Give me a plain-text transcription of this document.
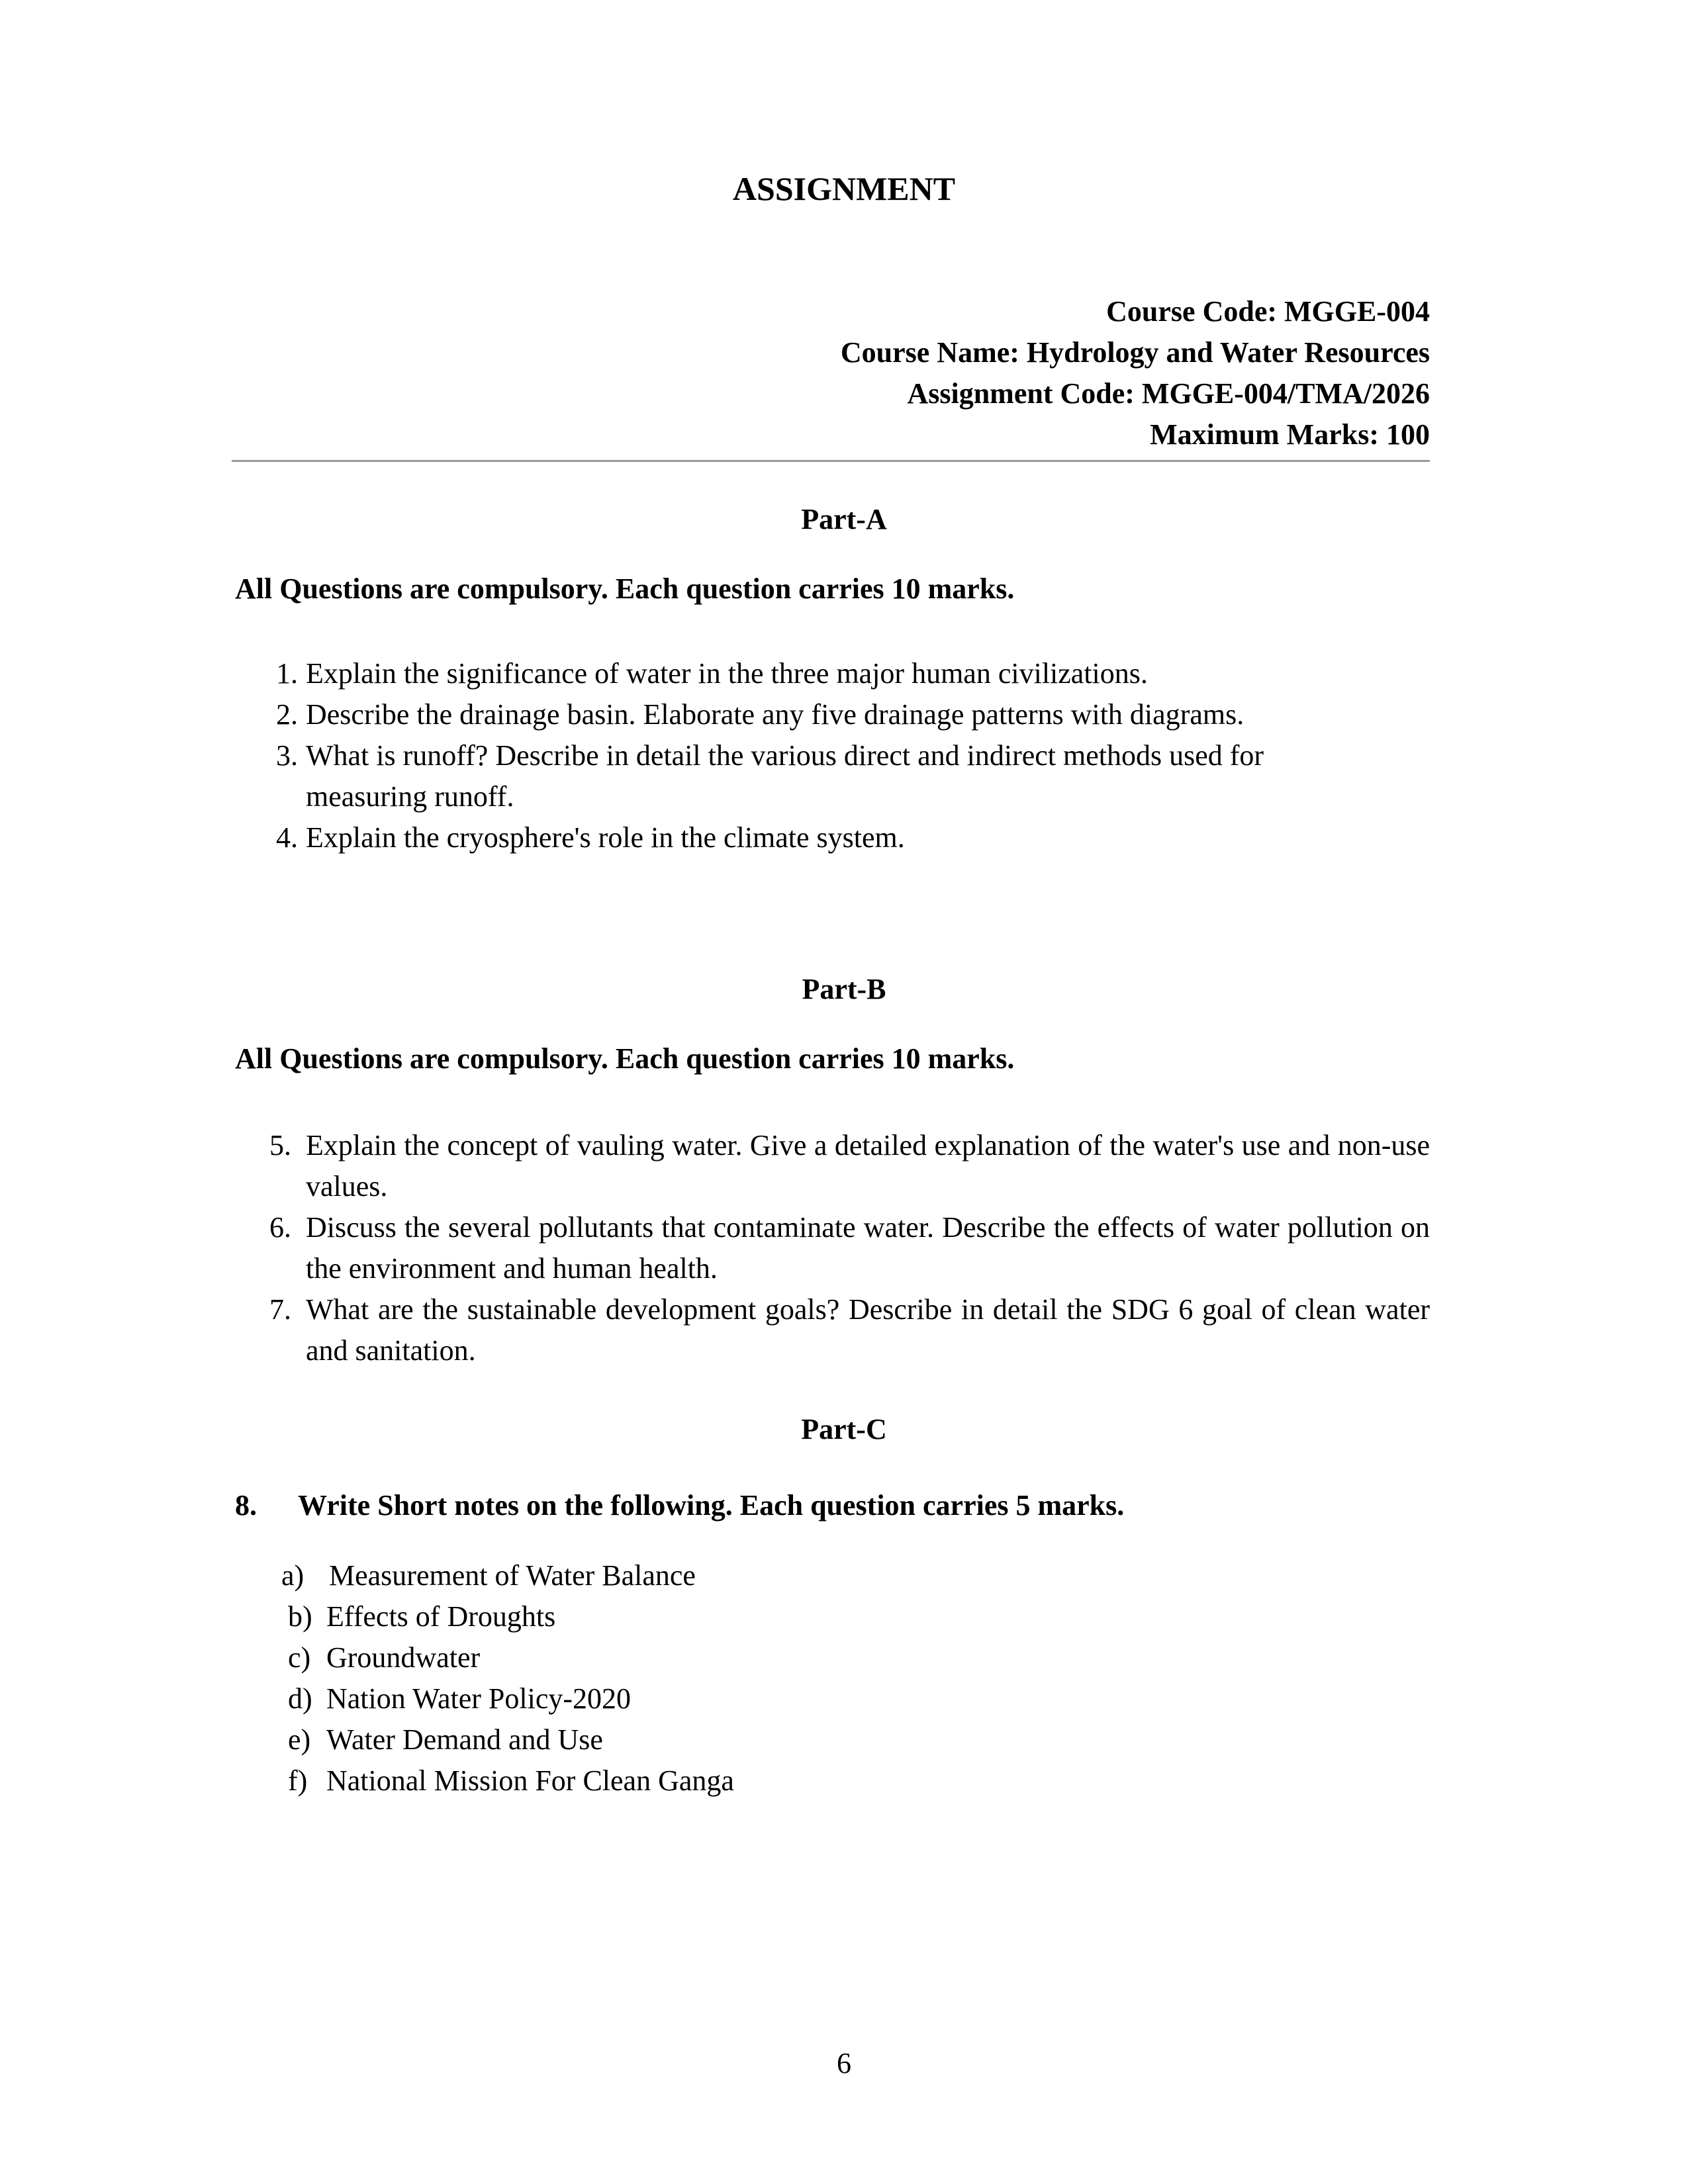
ASSIGNMENT
Course Code: MGGE-004
Course Name: Hydrology and Water Resources
Assignment Code: MGGE-004/TMA/2026
Maximum Marks: 100
Part-A
All Questions are compulsory. Each question carries 10 marks.
1. Explain the significance of water in the three major human civilizations.
2. Describe the drainage basin. Elaborate any five drainage patterns with diagrams.
3. What is runoff? Describe in detail the various direct and indirect methods used for measuring runoff.
4. Explain the cryosphere's role in the climate system.
Part-B
All Questions are compulsory. Each question carries 10 marks.
5. Explain the concept of vauling water. Give a detailed explanation of the water's use and non-use values.
6. Discuss the several pollutants that contaminate water. Describe the effects of water pollution on the environment and human health.
7. What are the sustainable development goals? Describe in detail the SDG 6 goal of clean water and sanitation.
Part-C
8. Write Short notes on the following. Each question carries 5 marks.
a) Measurement of Water Balance
b) Effects of Droughts
c) Groundwater
d) Nation Water Policy-2020
e) Water Demand and Use
f) National Mission For Clean Ganga
6
